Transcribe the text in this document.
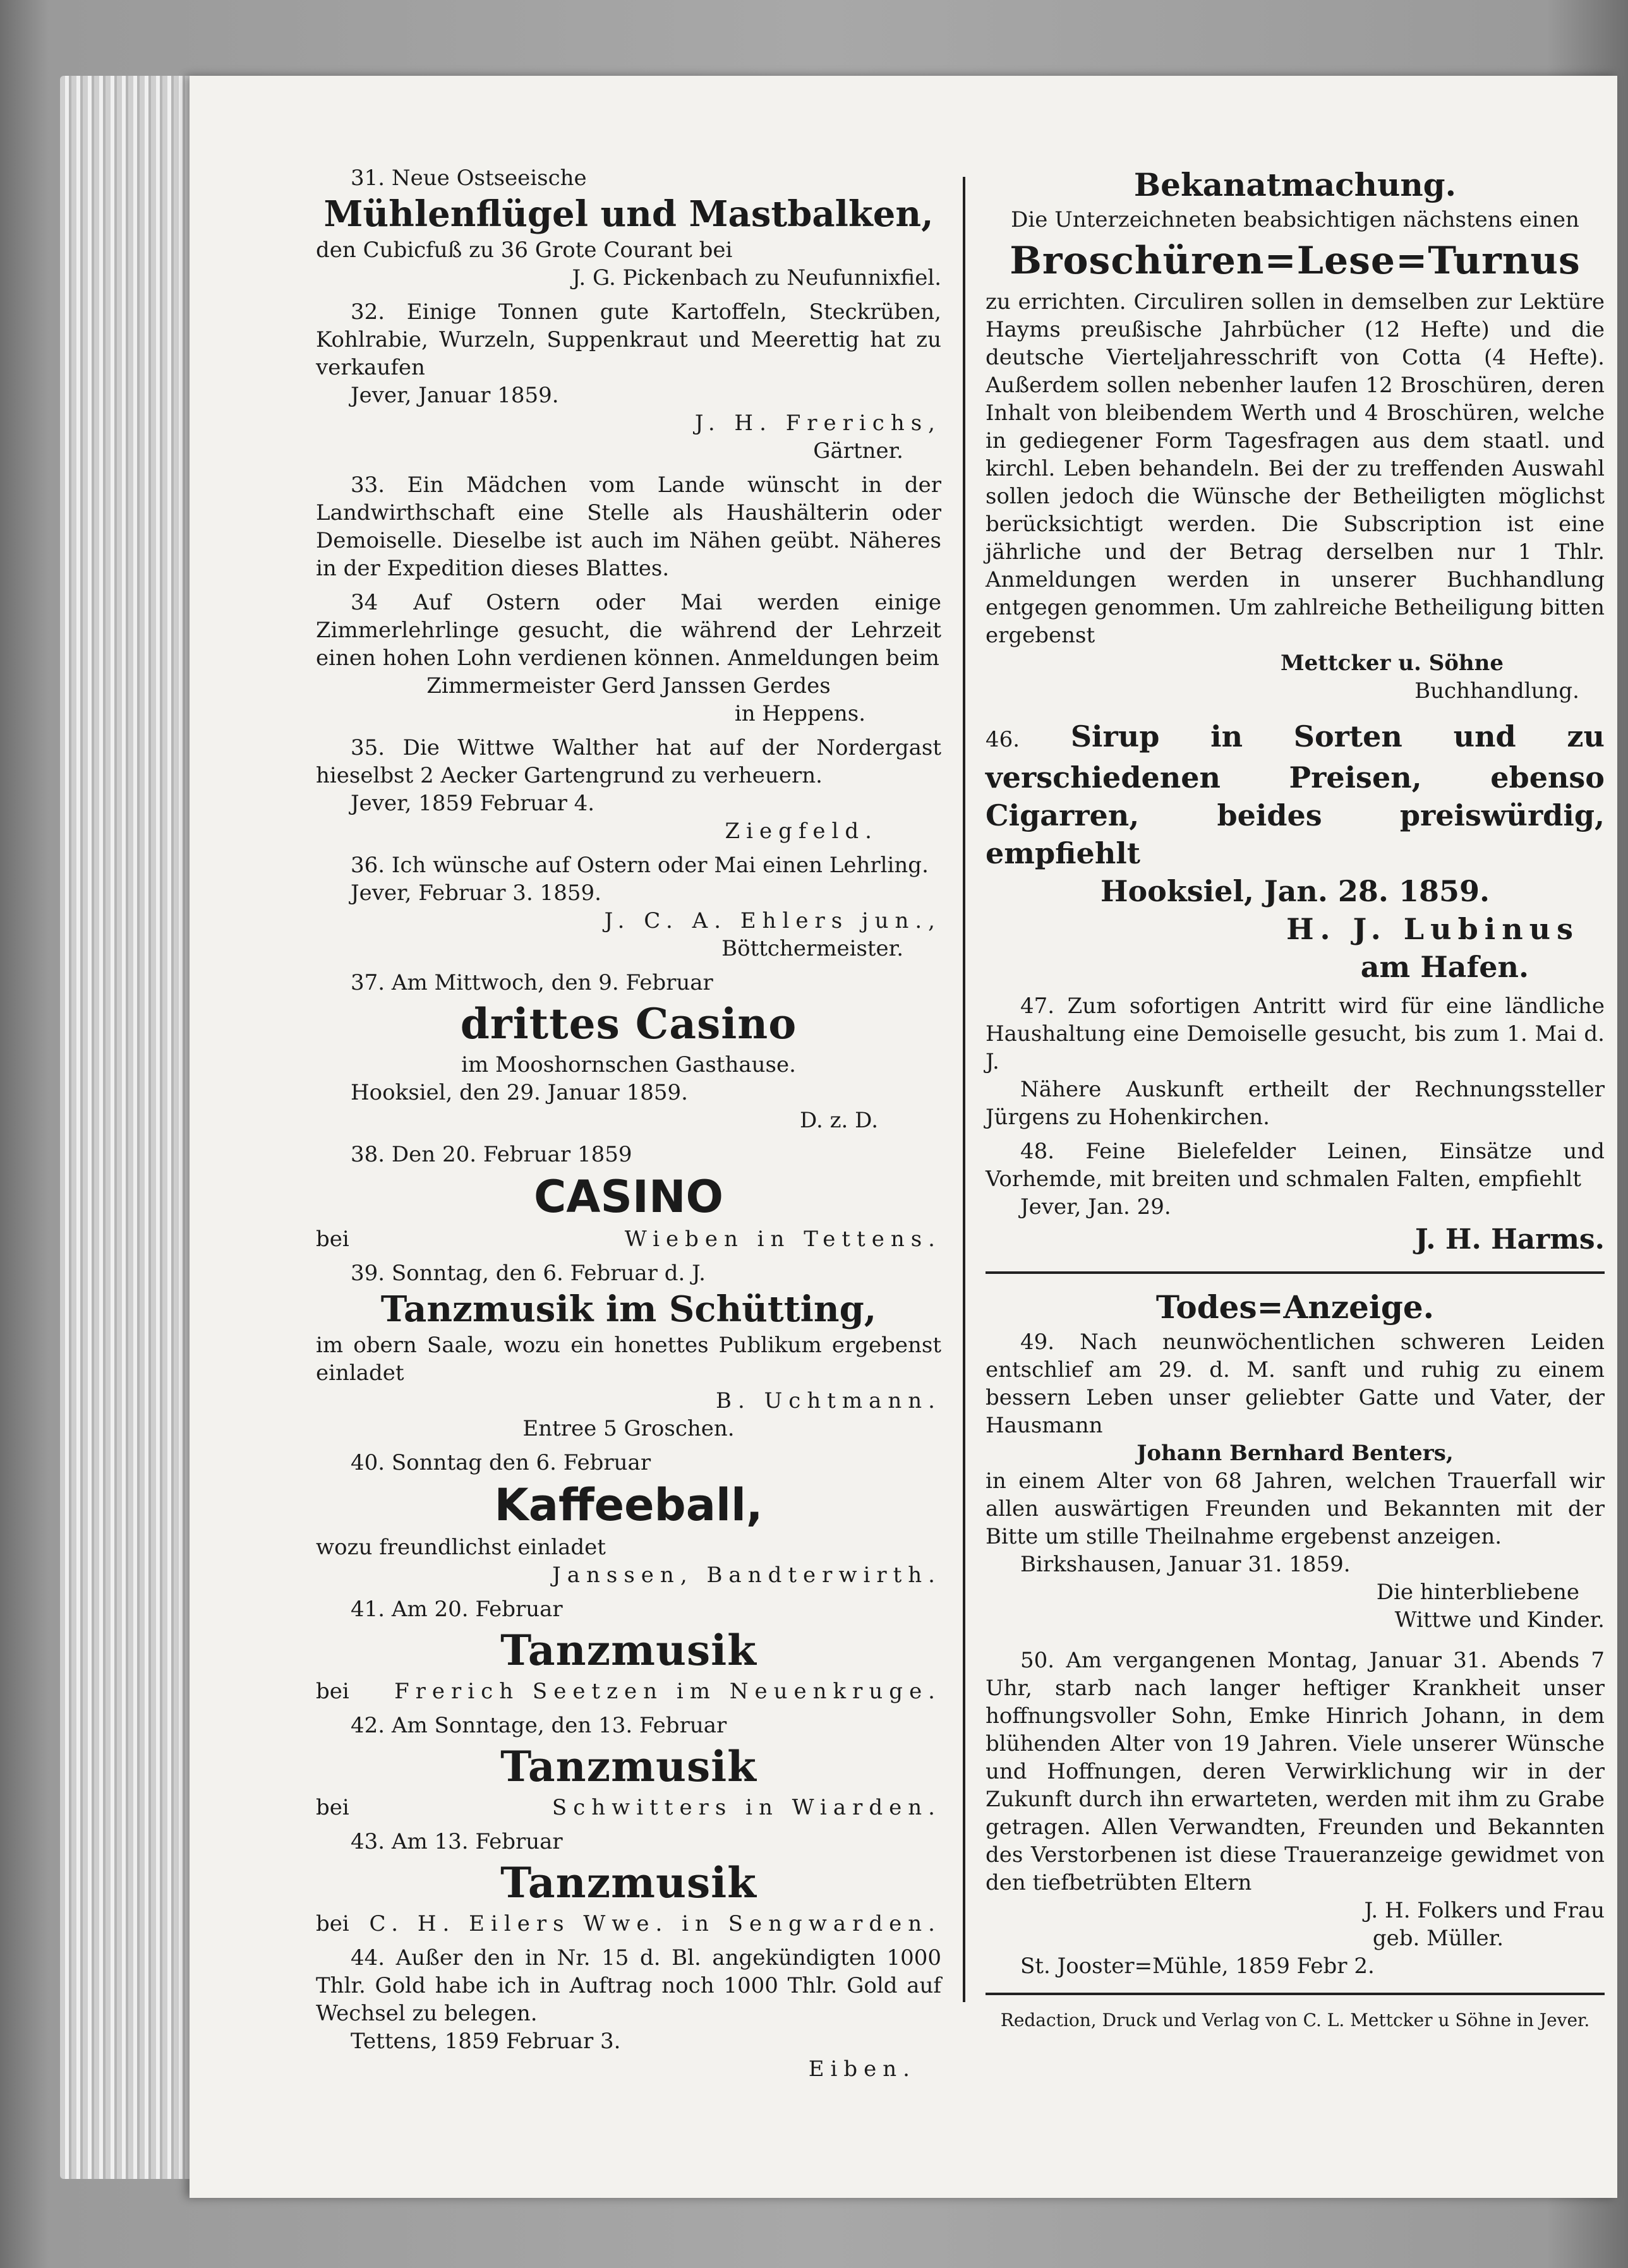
31. Neue Ostseeische

Mühlenflügel und Mastbalken,

den Cubicfuß zu 36 Grote Courant bei

J. G. Pickenbach zu Neufunnixfiel.

32. Einige Tonnen gute Kartoffeln, Steckrüben, Kohlrabie, Wurzeln, Suppenkraut und Meerettig hat zu verkaufen

Jever, Januar 1859.

J. H. Frerichs,

Gärtner.

33. Ein Mädchen vom Lande wünscht in der Landwirthschaft eine Stelle als Haushälterin oder Demoiselle. Dieselbe ist auch im Nähen geübt. Näheres in der Expedition dieses Blattes.

34 Auf Ostern oder Mai werden einige Zimmerlehrlinge gesucht, die während der Lehrzeit einen hohen Lohn verdienen können. Anmeldungen beim

Zimmermeister Gerd Janssen Gerdes

in Heppens.

35. Die Wittwe Walther hat auf der Nordergast hieselbst 2 Aecker Gartengrund zu verheuern.

Jever, 1859 Februar 4.

Ziegfeld.

36. Ich wünsche auf Ostern oder Mai einen Lehrling.

Jever, Februar 3. 1859.

J. C. A. Ehlers jun.,

Böttchermeister.

37. Am Mittwoch, den 9. Februar

drittes Casino

im Mooshornschen Gasthause.

Hooksiel, den 29. Januar 1859.

D. z. D.

38. Den 20. Februar 1859

CASINO

bei	Wieben in Tettens.

39. Sonntag, den 6. Februar d. J.

Tanzmusik im Schütting,

im obern Saale, wozu ein honettes Publikum ergebenst einladet

B. Uchtmann.

Entree 5 Groschen.

40. Sonntag den 6. Februar

Kaffeeball,

wozu freundlichst einladet

Janssen, Bandterwirth.

41. Am 20. Februar

Tanzmusik

bei Frerich Seetzen im Neuenkruge.

42. Am Sonntage, den 13. Februar

Tanzmusik

bei	Schwitters in Wiarden.

43. Am 13. Februar

Tanzmusik

bei C. H. Eilers Wwe. in Sengwarden.

44. Außer den in Nr. 15 d. Bl. angekündigten 1000 Thlr. Gold habe ich in Auftrag noch 1000 Thlr. Gold auf Wechsel zu belegen.

Tettens, 1859 Februar 3.

Eiben.

Bekanatmachung.

Die Unterzeichneten beabsichtigen nächstens einen

Broschüren=Lese=Turnus

zu errichten. Circuliren sollen in demselben zur Lektüre Hayms preußische Jahrbücher (12 Hefte) und die deutsche Vierteljahresschrift von Cotta (4 Hefte). Außerdem sollen nebenher laufen 12 Broschüren, deren Inhalt von bleibendem Werth und 4 Broschüren, welche in gediegener Form Tagesfragen aus dem staatl. und kirchl. Leben behandeln. Bei der zu treffenden Auswahl sollen jedoch die Wünsche der Betheiligten möglichst berücksichtigt werden. Die Subscription ist eine jährliche und der Betrag derselben nur 1 Thlr. Anmeldungen werden in unserer Buchhandlung entgegen genommen. Um zahlreiche Betheiligung bitten ergebenst

Mettcker u. Söhne

Buchhandlung.

46. Sirup in Sorten und zu verschiedenen Preisen, ebenso Cigarren, beides preiswürdig, empfiehlt

Hooksiel, Jan. 28. 1859.

H. J. Lubinus

am Hafen.

47. Zum sofortigen Antritt wird für eine ländliche Haushaltung eine Demoiselle gesucht, bis zum 1. Mai d. J.

Nähere Auskunft ertheilt der Rechnungssteller Jürgens zu Hohenkirchen.

48. Feine Bielefelder Leinen, Einsätze und Vorhemde, mit breiten und schmalen Falten, empfiehlt

Jever, Jan. 29.

J. H. Harms.

Todes=Anzeige.

49. Nach neunwöchentlichen schweren Leiden entschlief am 29. d. M. sanft und ruhig zu einem bessern Leben unser geliebter Gatte und Vater, der Hausmann

Johann Bernhard Benters,

in einem Alter von 68 Jahren, welchen Trauerfall wir allen auswärtigen Freunden und Bekannten mit der Bitte um stille Theilnahme ergebenst anzeigen.

Birkshausen, Januar 31. 1859.

Die hinterbliebene

Wittwe und Kinder.

50. Am vergangenen Montag, Januar 31. Abends 7 Uhr, starb nach langer heftiger Krankheit unser hoffnungsvoller Sohn, Emke Hinrich Johann, in dem blühenden Alter von 19 Jahren. Viele unserer Wünsche und Hoffnungen, deren Verwirklichung wir in der Zukunft durch ihn erwarteten, werden mit ihm zu Grabe getragen. Allen Verwandten, Freunden und Bekannten des Verstorbenen ist diese Traueranzeige gewidmet von den tiefbetrübten Eltern

J. H. Folkers und Frau

geb. Müller.

St. Jooster=Mühle, 1859 Febr 2.

Redaction, Druck und Verlag von C. L. Mettcker u Söhne in Jever.
